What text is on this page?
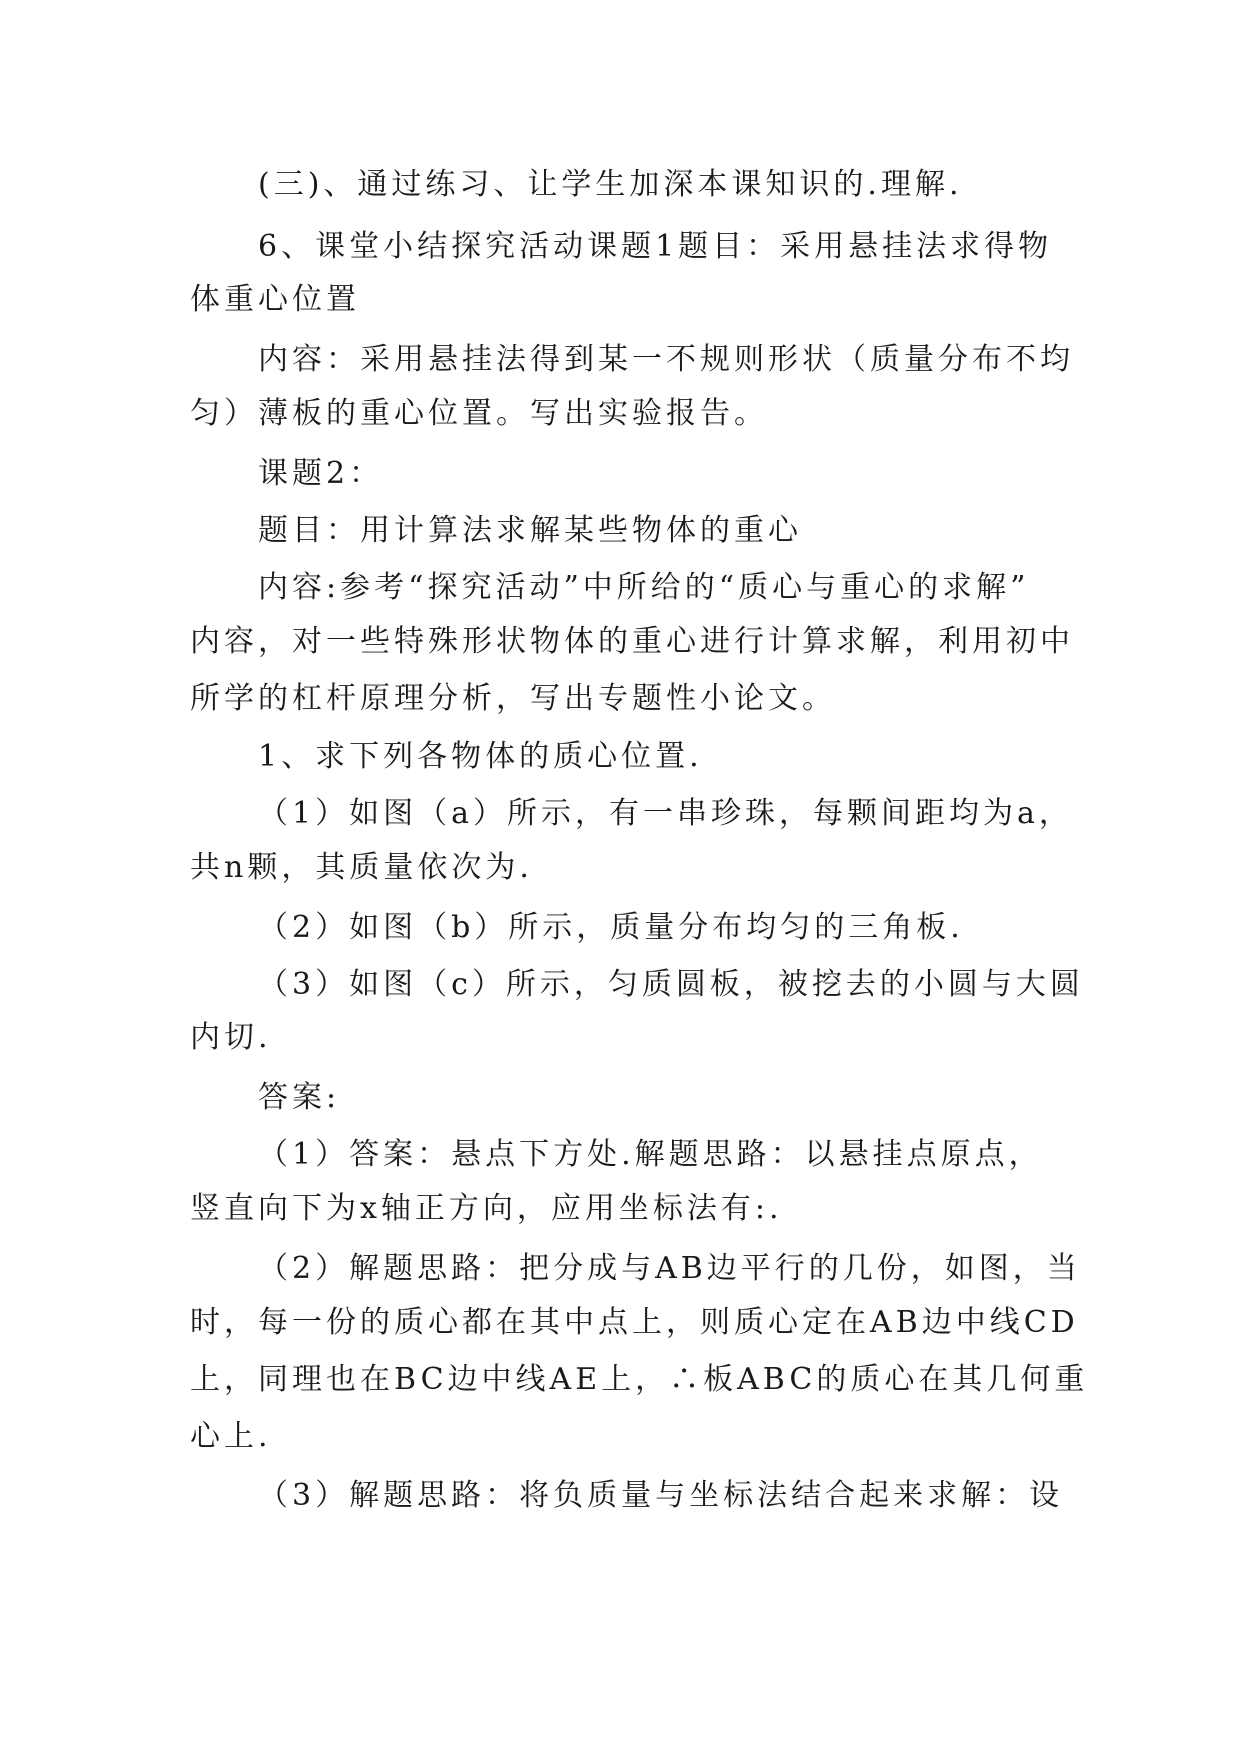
(三)、通过练习、让学生加深本课知识的.理解.
6、课堂小结探究活动课题1题目：采用悬挂法求得物
体重心位置
内容：采用悬挂法得到某一不规则形状（质量分布不均
匀）薄板的重心位置。写出实验报告。
课题2：
题目：用计算法求解某些物体的重心
内容:参考“探究活动”中所给的“质心与重心的求解”
内容，对一些特殊形状物体的重心进行计算求解，利用初中
所学的杠杆原理分析，写出专题性小论文。
1、求下列各物体的质心位置.
（1）如图（a）所示，有一串珍珠，每颗间距均为a，
共n颗，其质量依次为.
（2）如图（b）所示，质量分布均匀的三角板.
（3）如图（c）所示，匀质圆板，被挖去的小圆与大圆
内切.
答案:
（1）答案：悬点下方处.解题思路：以悬挂点原点，
竖直向下为x轴正方向，应用坐标法有:.
（2）解题思路：把分成与AB边平行的几份，如图，当
时，每一份的质心都在其中点上，则质心定在AB边中线CD
上，同理也在BC边中线AE上，∴板ABC的质心在其几何重
心上.
（3）解题思路：将负质量与坐标法结合起来求解：设
